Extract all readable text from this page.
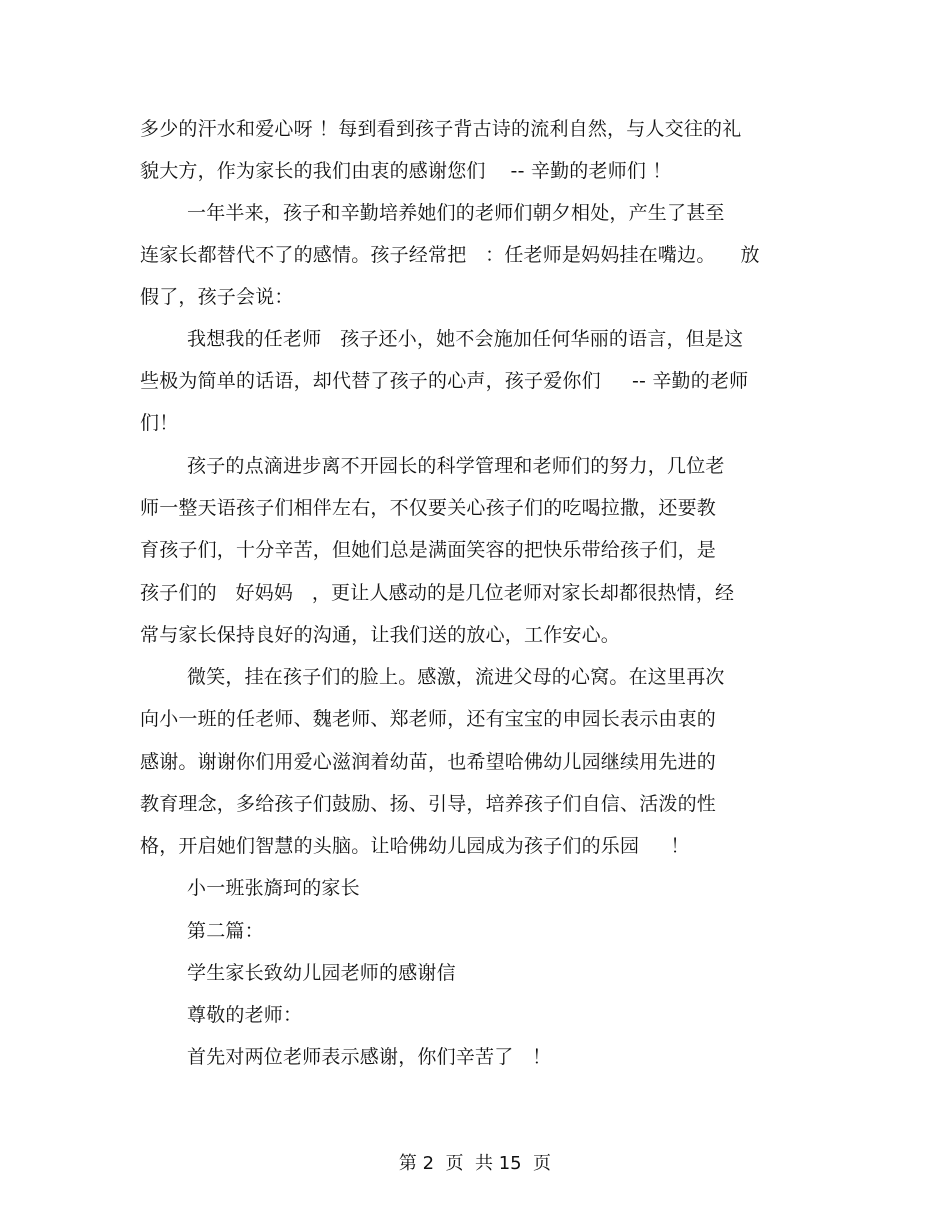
多少的汗水和爱心呀 ！每到看到孩子背古诗的流利自然，与人交往的礼
貌大方，作为家长的我们由衷的感谢您们    -- 辛勤的老师们 ！
一年半来，孩子和辛勤培养她们的老师们朝夕相处，产生了甚至
连家长都替代不了的感情。孩子经常把   ：任老师是妈妈挂在嘴边。    放
假了，孩子会说：
我想我的任老师   孩子还小，她不会施加任何华丽的语言，但是这
些极为简单的话语，却代替了孩子的心声，孩子爱你们     -- 辛勤的老师
们！
孩子的点滴进步离不开园长的科学管理和老师们的努力，几位老
师一整天语孩子们相伴左右，不仅要关心孩子们的吃喝拉撒，还要教
育孩子们，十分辛苦，但她们总是满面笑容的把快乐带给孩子们，是
孩子们的   好妈妈   ，更让人感动的是几位老师对家长却都很热情，经
常与家长保持良好的沟通，让我们送的放心，工作安心。
微笑，挂在孩子们的脸上。感激，流进父母的心窝。在这里再次
向小一班的任老师、魏老师、郑老师，还有宝宝的申园长表示由衷的
感谢。谢谢你们用爱心滋润着幼苗，也希望哈佛幼儿园继续用先进的
教育理念，多给孩子们鼓励、扬、引导，培养孩子们自信、活泼的性
格，开启她们智慧的头脑。让哈佛幼儿园成为孩子们的乐园     ！
小一班张旖珂的家长
第二篇：
学生家长致幼儿园老师的感谢信
尊敬的老师：
首先对两位老师表示感谢，你们辛苦了   ！
第 2  页  共 15  页
